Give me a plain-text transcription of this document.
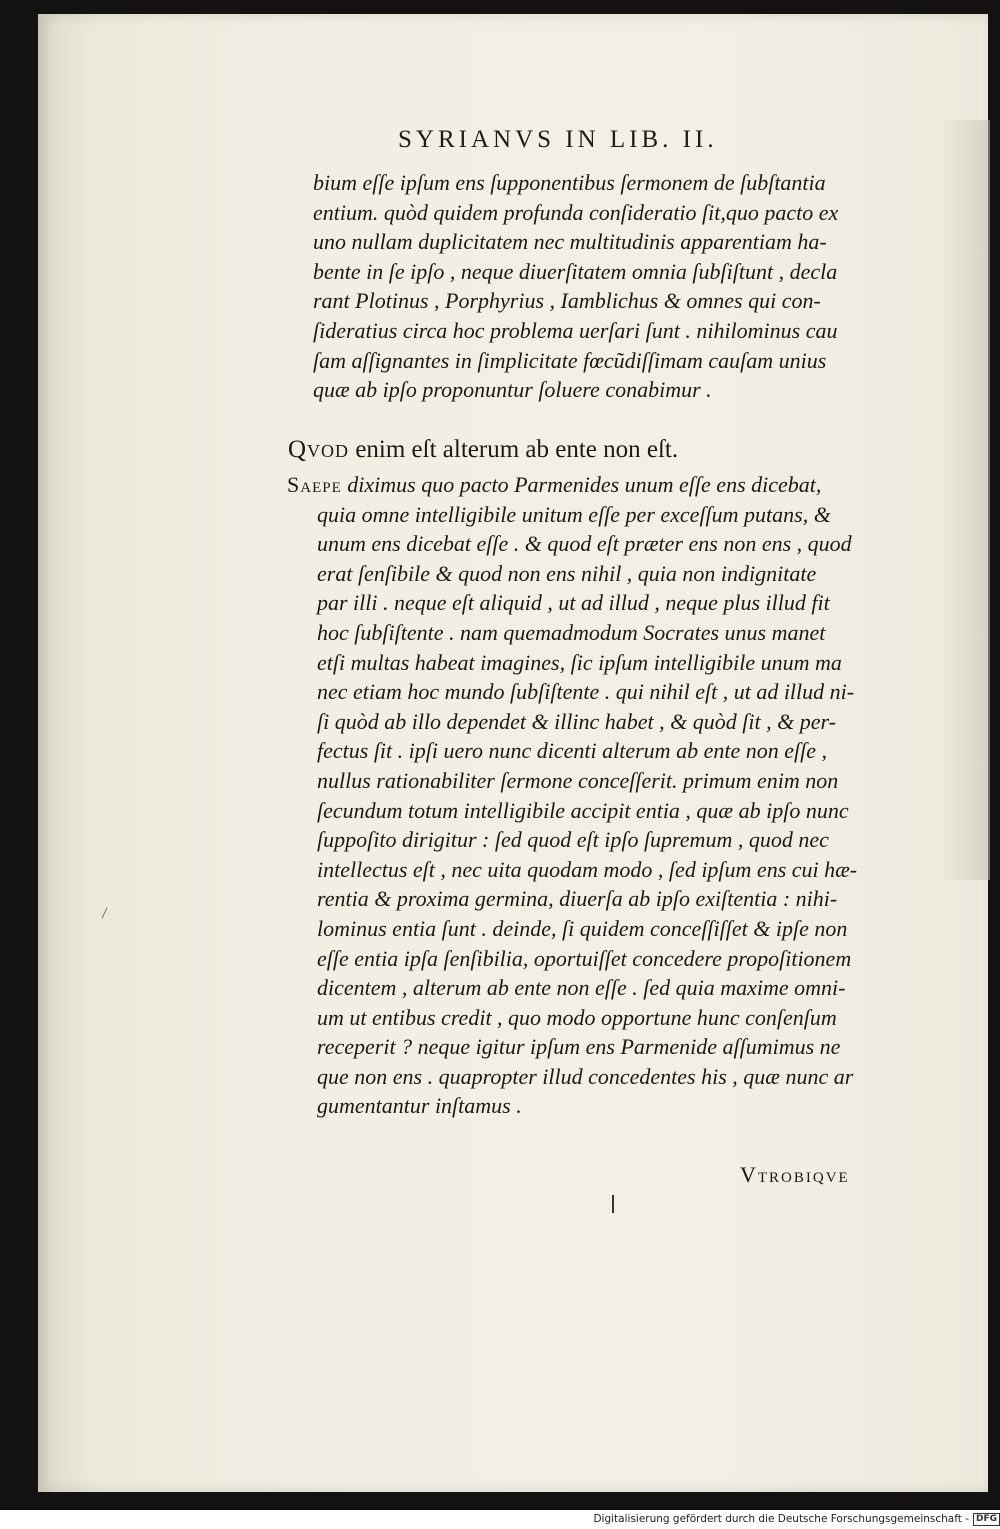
SYRIANVS IN LIB. II.
bium eſſe ipſum ens ſupponentibus ſermonem de ſubſtantia
entium. quòd quidem profunda conſideratio ſit,quo pacto ex
uno nullam duplicitatem nec multitudinis apparentiam ha-
bente in ſe ipſo , neque diuerſitatem omnia ſubſiſtunt , decla
rant Plotinus , Porphyrius , Iamblichus & omnes qui con-
ſideratius circa hoc problema uerſari ſunt . nihilominus cau
ſam aſſignantes in ſimplicitate fœcũdiſſimam cauſam unius
quæ ab ipſo proponuntur ſoluere conabimur .
Qvod enim eſt alterum ab ente non eſt.
Saepe diximus quo pacto Parmenides unum eſſe ens dicebat,
quia omne intelligibile unitum eſſe per exceſſum putans, &
unum ens dicebat eſſe . & quod eſt præter ens non ens , quod
erat ſenſibile & quod non ens nihil , quia non indignitate
par illi . neque eſt aliquid , ut ad illud , neque plus illud fit
hoc ſubſiſtente . nam quemadmodum Socrates unus manet
etſi multas habeat imagines, ſic ipſum intelligibile unum ma
nec etiam hoc mundo ſubſiſtente . qui nihil eſt , ut ad illud ni-
ſi quòd ab illo dependet & illinc habet , & quòd ſit , & per-
fectus ſit . ipſi uero nunc dicenti alterum ab ente non eſſe ,
nullus rationabiliter ſermone conceſſerit. primum enim non
ſecundum totum intelligibile accipit entia , quæ ab ipſo nunc
ſuppoſito dirigitur : ſed quod eſt ipſo ſupremum , quod nec
intellectus eſt , nec uita quodam modo , ſed ipſum ens cui hæ-
rentia & proxima germina, diuerſa ab ipſo exiſtentia : nihi-
lominus entia ſunt . deinde, ſi quidem conceſſiſſet & ipſe non
eſſe entia ipſa ſenſibilia, oportuiſſet concedere propoſitionem
dicentem , alterum ab ente non eſſe . ſed quia maxime omni-
um ut entibus credit , quo modo opportune hunc conſenſum
receperit ? neque igitur ipſum ens Parmenide aſſumimus ne
que non ens . quapropter illud concedentes his , quæ nunc ar
gumentantur inſtamus .
Vtrobiqve
Digitalisierung gefördert durch die Deutsche Forschungsgemeinschaft - DFG
